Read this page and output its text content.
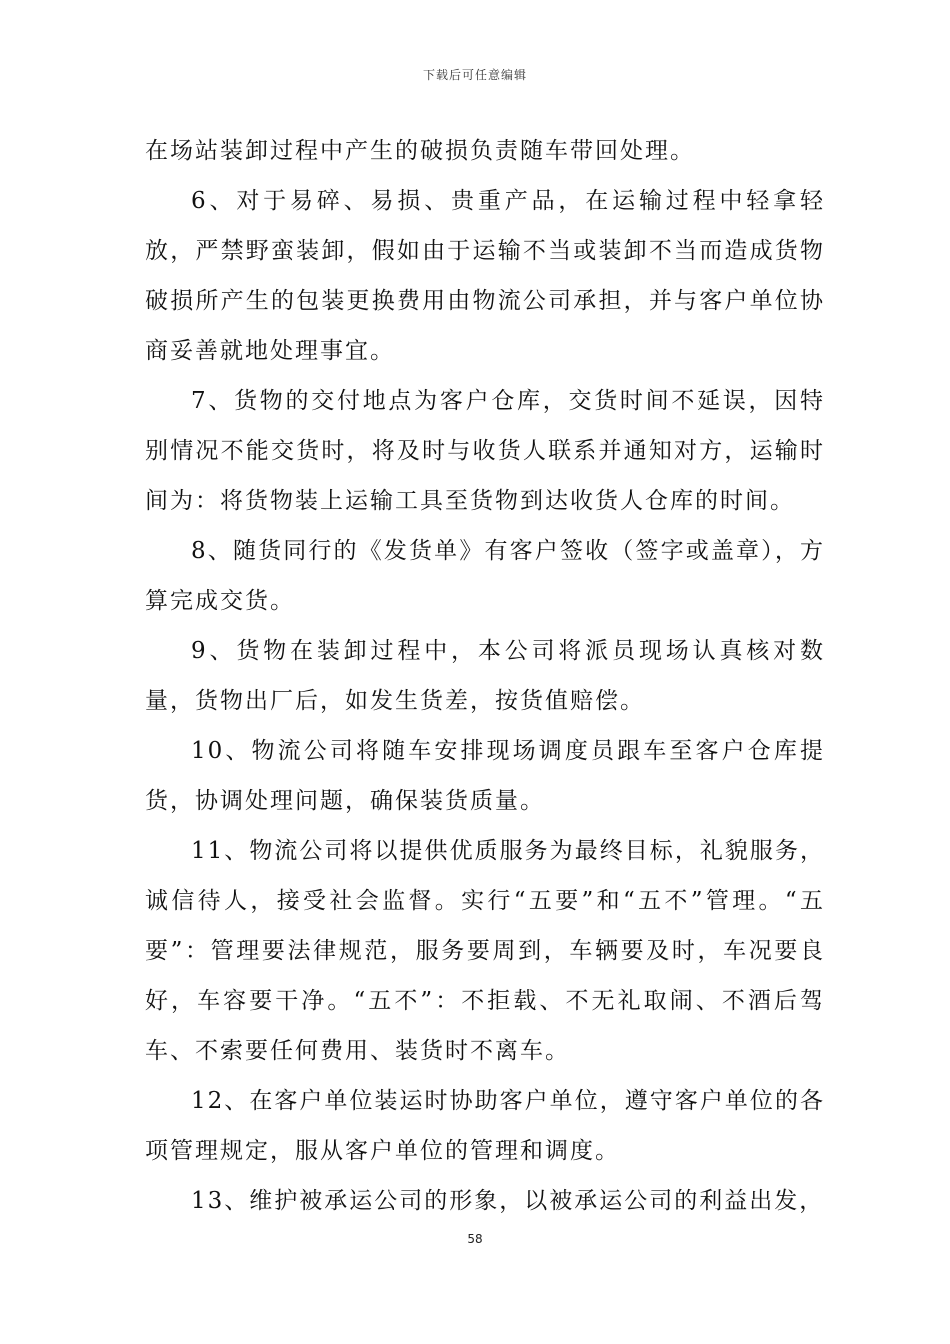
下载后可任意编辑

在场站装卸过程中产生的破损负责随车带回处理。

6、对于易碎、易损、贵重产品，在运输过程中轻拿轻放，严禁野蛮装卸，假如由于运输不当或装卸不当而造成货物破损所产生的包装更换费用由物流公司承担，并与客户单位协商妥善就地处理事宜。

7、货物的交付地点为客户仓库，交货时间不延误，因特别情况不能交货时，将及时与收货人联系并通知对方，运输时间为：将货物装上运输工具至货物到达收货人仓库的时间。

8、随货同行的《发货单》有客户签收（签字或盖章），方算完成交货。

9、货物在装卸过程中，本公司将派员现场认真核对数量，货物出厂后，如发生货差，按货值赔偿。

10、物流公司将随车安排现场调度员跟车至客户仓库提货，协调处理问题，确保装货质量。

11、物流公司将以提供优质服务为最终目标，礼貌服务，诚信待人，接受社会监督。实行“五要”和“五不”管理。“五要”：管理要法律规范，服务要周到，车辆要及时，车况要良好，车容要干净。“五不”：不拒载、不无礼取闹、不酒后驾车、不索要任何费用、装货时不离车。

12、在客户单位装运时协助客户单位，遵守客户单位的各项管理规定，服从客户单位的管理和调度。

13、维护被承运公司的形象，以被承运公司的利益出发，

58
